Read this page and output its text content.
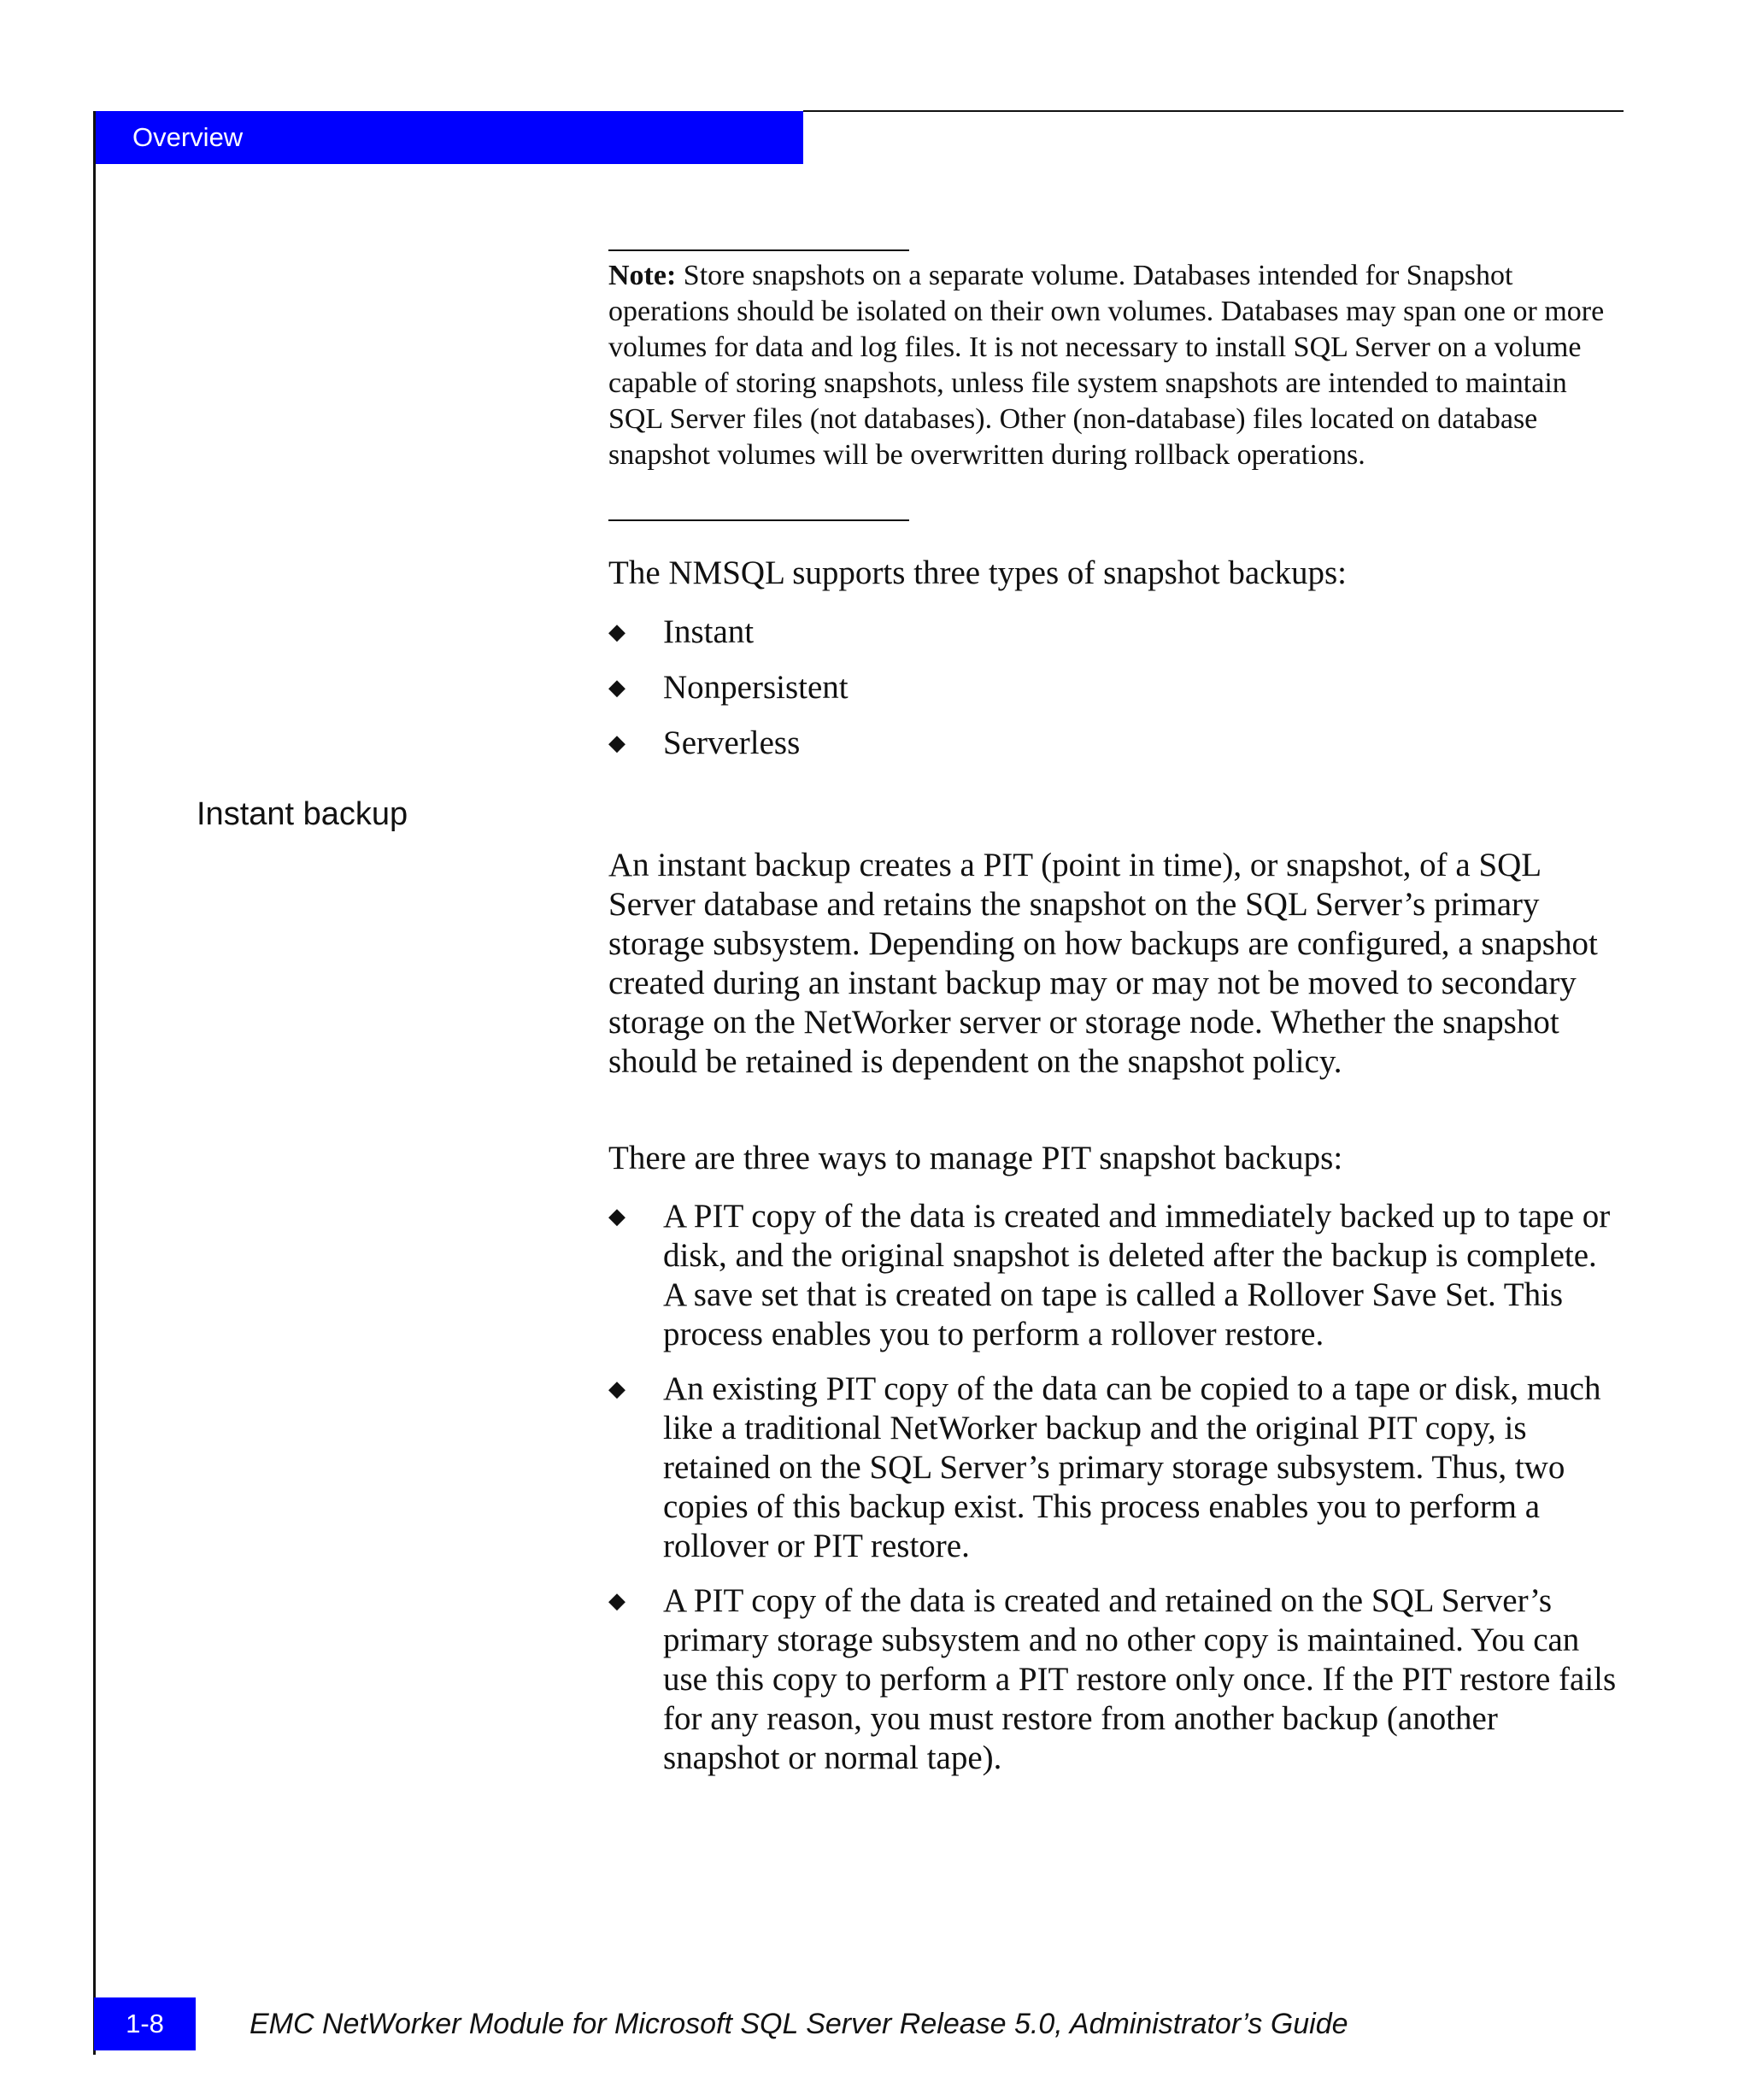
Overview
Note: Store snapshots on a separate volume. Databases intended for Snapshot operations should be isolated on their own volumes. Databases may span one or more volumes for data and log files. It is not necessary to install SQL Server on a volume capable of storing snapshots, unless file system snapshots are intended to maintain SQL Server files (not databases). Other (non-database) files located on database snapshot volumes will be overwritten during rollback operations.
The NMSQL supports three types of snapshot backups:
◆ Instant
◆ Nonpersistent
◆ Serverless
Instant backup
An instant backup creates a PIT (point in time), or snapshot, of a SQL Server database and retains the snapshot on the SQL Server’s primary storage subsystem. Depending on how backups are configured, a snapshot created during an instant backup may or may not be moved to secondary storage on the NetWorker server or storage node. Whether the snapshot should be retained is dependent on the snapshot policy.
There are three ways to manage PIT snapshot backups:
◆ A PIT copy of the data is created and immediately backed up to tape or disk, and the original snapshot is deleted after the backup is complete. A save set that is created on tape is called a Rollover Save Set. This process enables you to perform a rollover restore.
◆ An existing PIT copy of the data can be copied to a tape or disk, much like a traditional NetWorker backup and the original PIT copy, is retained on the SQL Server’s primary storage subsystem. Thus, two copies of this backup exist. This process enables you to perform a rollover or PIT restore.
◆ A PIT copy of the data is created and retained on the SQL Server’s primary storage subsystem and no other copy is maintained. You can use this copy to perform a PIT restore only once. If the PIT restore fails for any reason, you must restore from another backup (another snapshot or normal tape).
1-8	EMC NetWorker Module for Microsoft SQL Server Release 5.0, Administrator’s Guide
